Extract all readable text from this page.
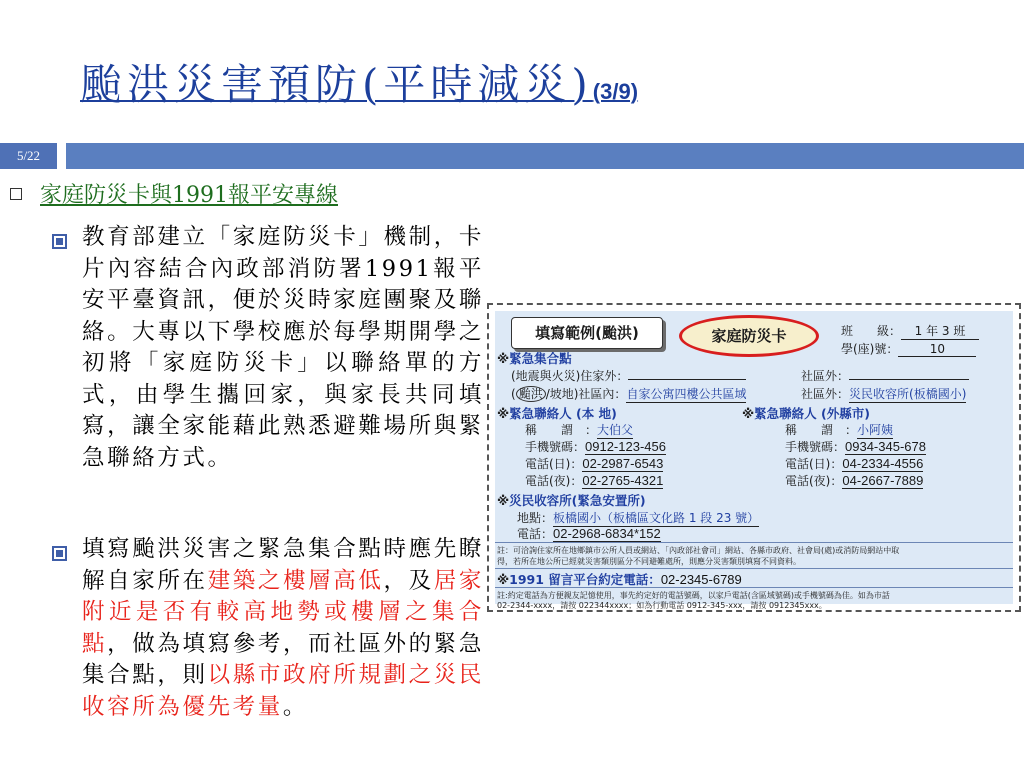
颱洪災害預防(平時減災)(3/9)
5/22
家庭防災卡與1991報平安專線
教育部建立「家庭防災卡」機制，卡片內容結合內政部消防署1991報平安平臺資訊，便於災時家庭團聚及聯絡。大專以下學校應於每學期開學之初將「家庭防災卡」以聯絡單的方式，由學生攜回家，與家長共同填寫，讓全家能藉此熟悉避難場所與緊急聯絡方式。
填寫颱洪災害之緊急集合點時應先瞭解自家所在建築之樓層高低，及居家附近是否有較高地勢或樓層之集合點，做為填寫參考，而社區外的緊急集合點，則以縣市政府所規劃之災民收容所為優先考量。
填寫範例(颱洪)	家庭防災卡	班　　級： 1 年 3 班
學(座)號：	10
※緊急集合點
(地震與火災)住家外：	社區外：
( 颱洪 /坡地)社區內：自家公寓四樓公共區域	社區外：災民收容所(板橋國小)
※緊急聯絡人 (本 地)	※緊急聯絡人 (外縣市)
稱　　謂　：大伯父	稱　　謂　：小阿姨
手機號碼：0912-123-456	手機號碼：0934-345-678
電話(日)：02-2987-6543	電話(日)：04-2334-4556
電話(夜)：02-2765-4321	電話(夜)：04-2667-7889
※災民收容所(緊急安置所)
地點：板橋國小（板橋區文化路 1 段 23 號）
電話：02-2968-6834*152
註：可洽詢住家所在地鄉鎮市公所人員或網站、「內政部社會司」網站、各縣市政府、社會局(處)或消防局網站中取
得，若所在地公所已經就災害類別區分不同避難處所，則應分災害類別填寫不同資料。
※1991 留言平台約定電話：02-2345-6789
註:約定電話為方便親友記憶使用，事先約定好的電話號碼，以家戶電話(含區域號碼)或手機號碼為佳。如為市話
02-2344-xxxx，請按 022344xxxx；如為行動電話 0912-345-xxx，請按 0912345xxx。
